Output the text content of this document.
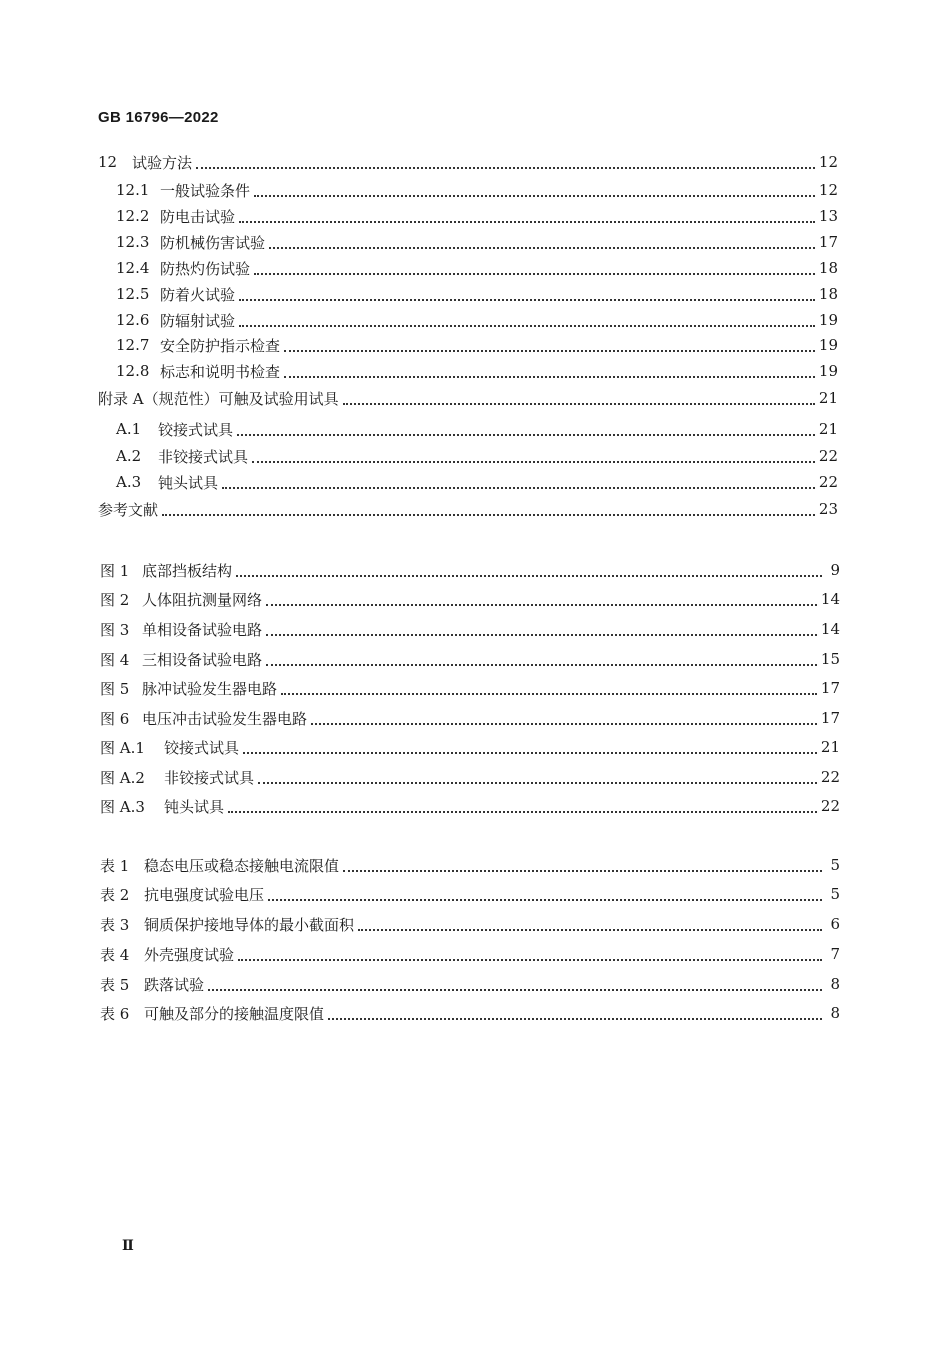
GB 16796—2022
12 试验方法	12
12.1 一般试验条件	12
12.2 防电击试验	13
12.3 防机械伤害试验	17
12.4 防热灼伤试验	18
12.5 防着火试验	18
12.6 防辐射试验	19
12.7 安全防护指示检查	19
12.8 标志和说明书检查	19
附录 A（规范性）可触及试验用试具	21
A.1	铰接式试具	21
A.2	非铰接式试具	22
A.3	钝头试具	22
参考文献	23
图 1 底部挡板结构	9
图 2 人体阻抗测量网络	14
图 3 单相设备试验电路	14
图 4 三相设备试验电路	15
图 5 脉冲试验发生器电路	17
图 6 电压冲击试验发生器电路	17
图 A.1	铰接式试具	21
图 A.2	非铰接式试具	22
图 A.3	钝头试具	22
表 1 稳态电压或稳态接触电流限值	5
表 2 抗电强度试验电压	5
表 3 铜质保护接地导体的最小截面积	6
表 4 外壳强度试验	7
表 5 跌落试验	8
表 6 可触及部分的接触温度限值	8
Ⅱ
